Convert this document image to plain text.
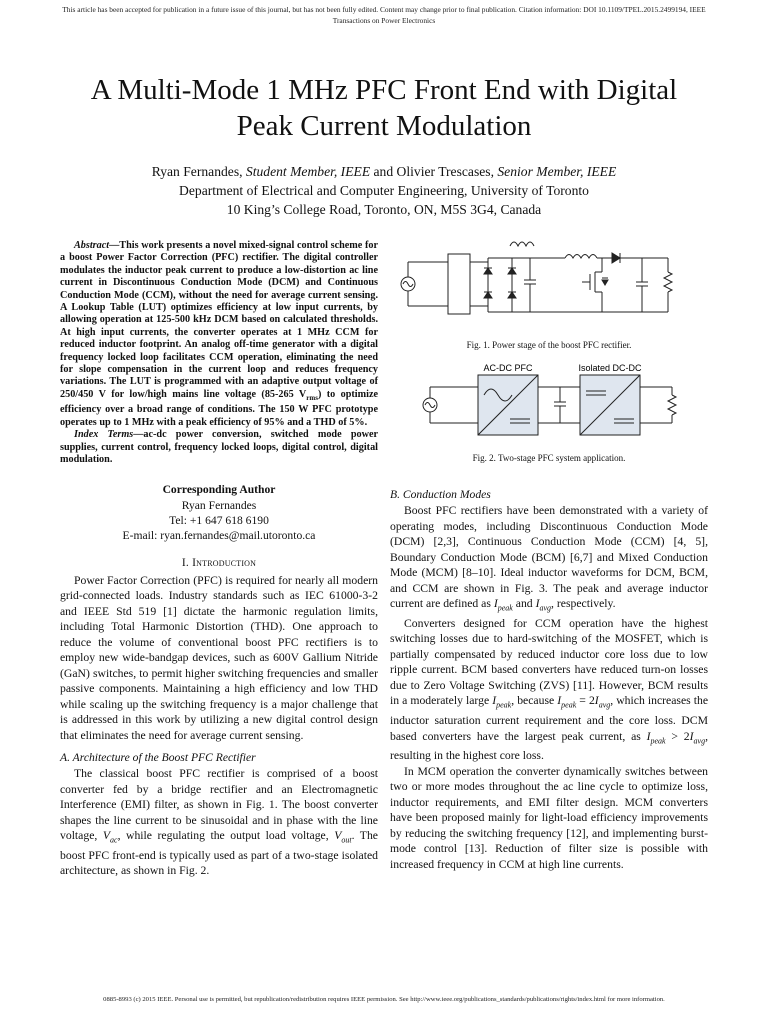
This article has been accepted for publication in a future issue of this journal, but has not been fully edited. Content may change prior to final publication. Citation information: DOI 10.1109/TPEL.2015.2499194, IEEE
Transactions on Power Electronics
A Multi-Mode 1 MHz PFC Front End with Digital
Peak Current Modulation
Ryan Fernandes, Student Member, IEEE and Olivier Trescases, Senior Member, IEEE
Department of Electrical and Computer Engineering, University of Toronto
10 King’s College Road, Toronto, ON, M5S 3G4, Canada

Abstract—This work presents a novel mixed-signal control scheme for a boost Power Factor Correction (PFC) rectifier. The digital controller modulates the inductor peak current to produce a low-distortion ac line current in Discontinuous Conduction Mode (DCM) and Continuous Conduction Mode (CCM), without the need for average current sensing. A Lookup Table (LUT) optimizes efficiency at low input currents, by allowing operation at 125-500 kHz DCM based on calculated thresholds. At high input currents, the converter operates at 1 MHz CCM for reduced inductor footprint. An analog off-time generator with a digital frequency locked loop facilitates CCM operation, eliminating the need for slope compensation in the current loop and reduces frequency variations. The LUT is programmed with an adaptive output voltage of 250/450 V for low/high mains line voltage (85-265 $V_{rms}$) to optimize efficiency over a broad range of conditions. The 150 W PFC prototype operates up to 1 MHz with a peak efficiency of 95% and a THD of 5%.

Index Terms—ac-dc power conversion, switched mode power supplies, current control, frequency locked loops, digital control, digital modulation.

Corresponding Author
Ryan Fernandes
Tel: +1 647 618 6190
E-mail: ryan.fernandes@mail.utoronto.ca
I. Introduction

Power Factor Correction (PFC) is required for nearly all modern grid-connected loads. Industry standards such as IEC 61000-3-2 and IEEE Std 519 [1] dictate the harmonic regulation limits, including Total Harmonic Distortion (THD). One approach to reduce the volume of conventional boost PFC rectifiers is to employ new wide-bandgap devices, such as 600V Gallium Nitride (GaN) switches, to permit higher switching frequencies and smaller passive components. Maintaining a high efficiency and low THD while scaling up the switching frequency is a major challenge that is addressed in this work by utilizing a new digital control design that eliminates the need for average current sensing.

A. Architecture of the Boost PFC Rectifier

The classical boost PFC rectifier is comprised of a boost converter fed by a bridge rectifier and an Electromagnetic Interference (EMI) filter, as shown in Fig. 1. The boost converter shapes the line current to be sinusoidal and in phase with the line voltage, $V_{ac}$, while regulating the output load voltage, $V_{out}$. The boost PFC front-end is typically used as part of a two-stage isolated architecture, as shown in Fig. 2.

Fig. 1. Power stage of the boost PFC rectifier.
AC-DC PFC	Isolated DC-DC
Fig. 2. Two-stage PFC system application.
B. Conduction Modes

Boost PFC rectifiers have been demonstrated with a variety of operating modes, including Discontinuous Conduction Mode (DCM) [2,3], Continuous Conduction Mode (CCM) [4, 5], Boundary Conduction Mode (BCM) [6,7] and Mixed Conduction Mode (MCM) [8–10]. Ideal inductor waveforms for DCM, BCM, and CCM are shown in Fig. 3. The peak and average inductor current are defined as $I_{peak}$ and $I_{avg}$, respectively.

Converters designed for CCM operation have the highest switching losses due to hard-switching of the MOSFET, which is partially compensated by reduced inductor core loss due to low ripple current. BCM based converters have reduced turn-on losses due to Zero Voltage Switching (ZVS) [11]. However, BCM results in a moderately large $I_{peak}$, because $I_{peak} = 2I_{avg}$, which increases the inductor saturation current requirement and the core loss. DCM based converters have the largest peak current, as $I_{peak} > 2I_{avg}$, resulting in the highest core loss.

In MCM operation the converter dynamically switches between two or more modes throughout the ac line cycle to optimize loss, inductor requirements, and EMI filter design. MCM converters have been proposed mainly for light-load efficiency improvements by reducing the switching frequency [12], and implementing burst-mode control [13]. Reduction of filter size is possible with increased frequency in CCM at high line currents.

0885-8993 (c) 2015 IEEE. Personal use is permitted, but republication/redistribution requires IEEE permission. See http://www.ieee.org/publications_standards/publications/rights/index.html for more information.
